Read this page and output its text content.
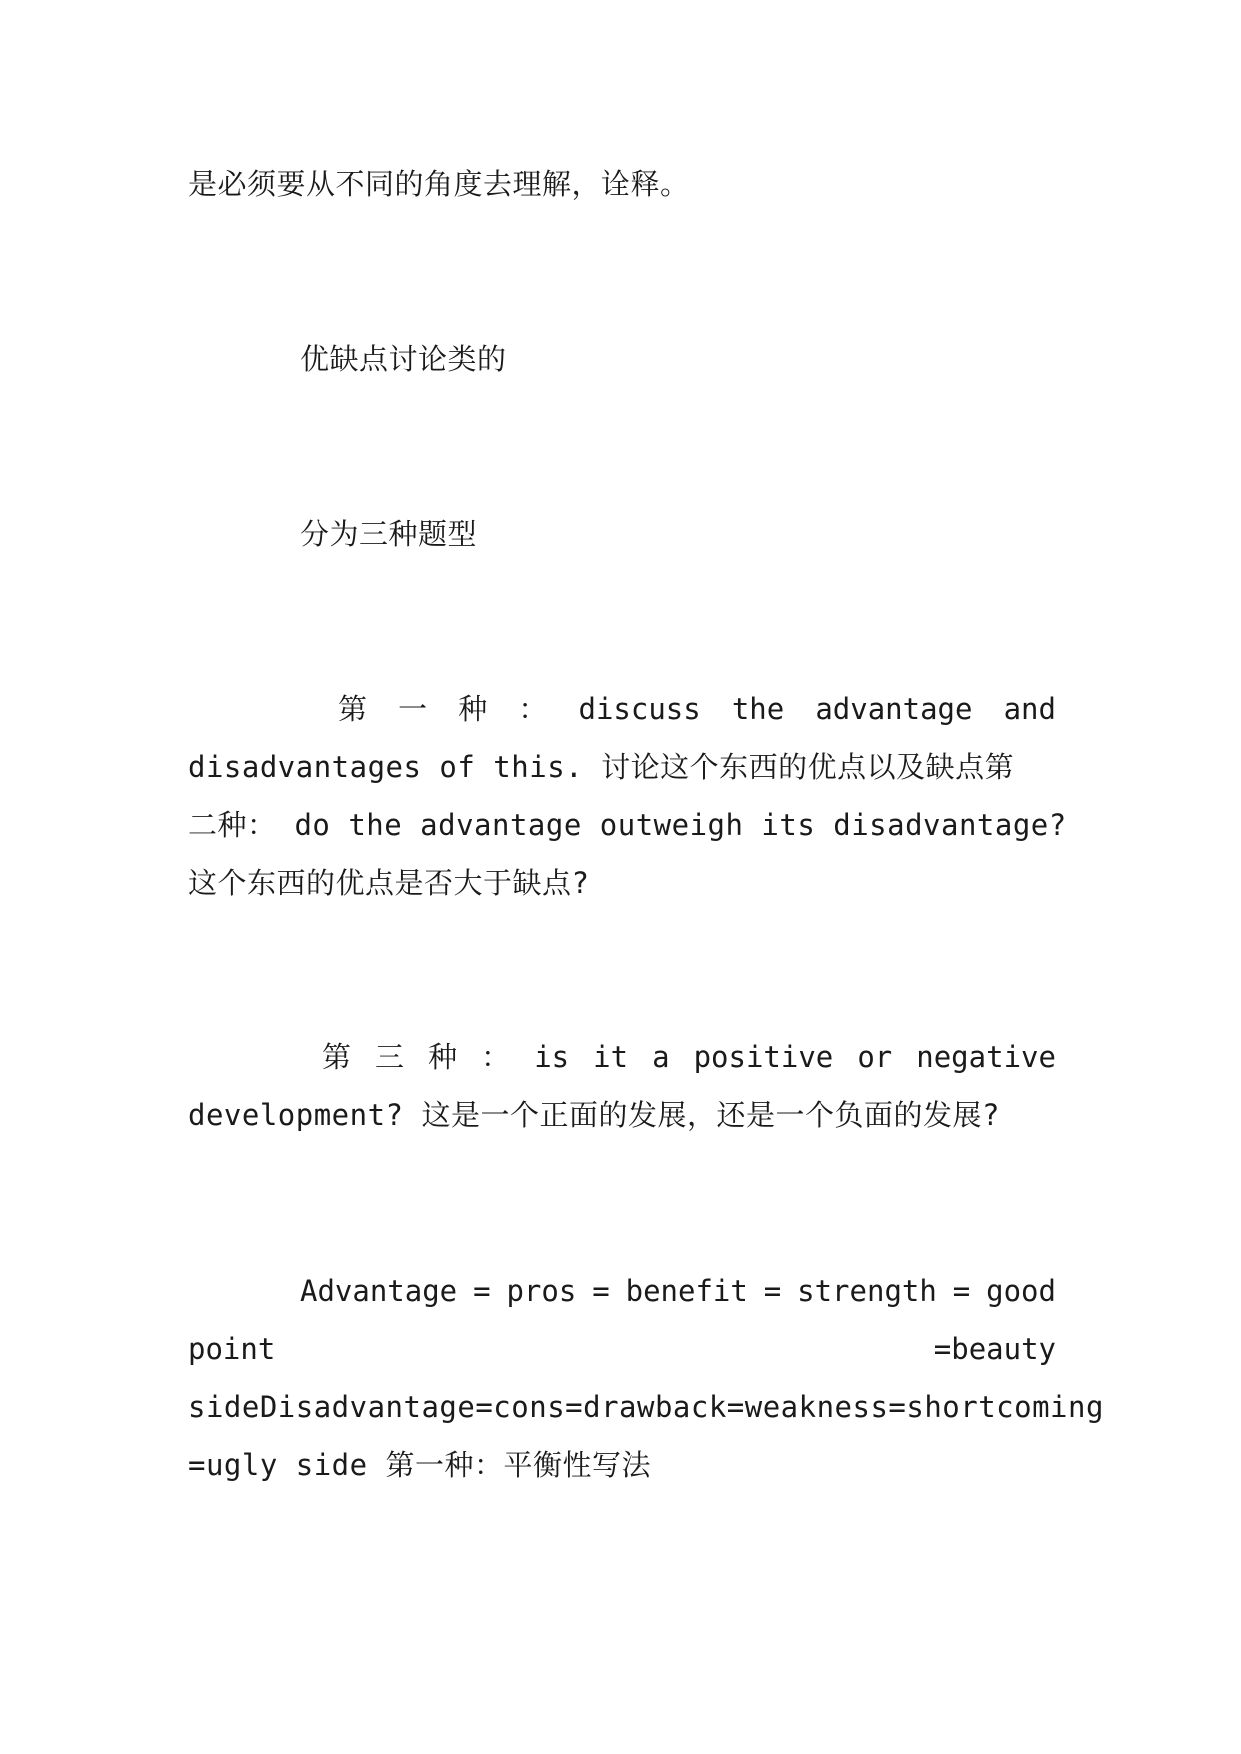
是必须要从不同的角度去理解，诠释。
优缺点讨论类的
分为三种题型
第 一 种 ： discuss the advantage and
disadvantages of this. 讨论这个东西的优点以及缺点第
二种： do the advantage outweigh its disadvantage?
这个东西的优点是否大于缺点?
第 三 种 ： is it a positive or negative
development? 这是一个正面的发展，还是一个负面的发展?
Advantage = pros = benefit = strength = good
point	=beauty
sideDisadvantage=cons=drawback=weakness=shortcoming
=ugly side 第一种：平衡性写法
